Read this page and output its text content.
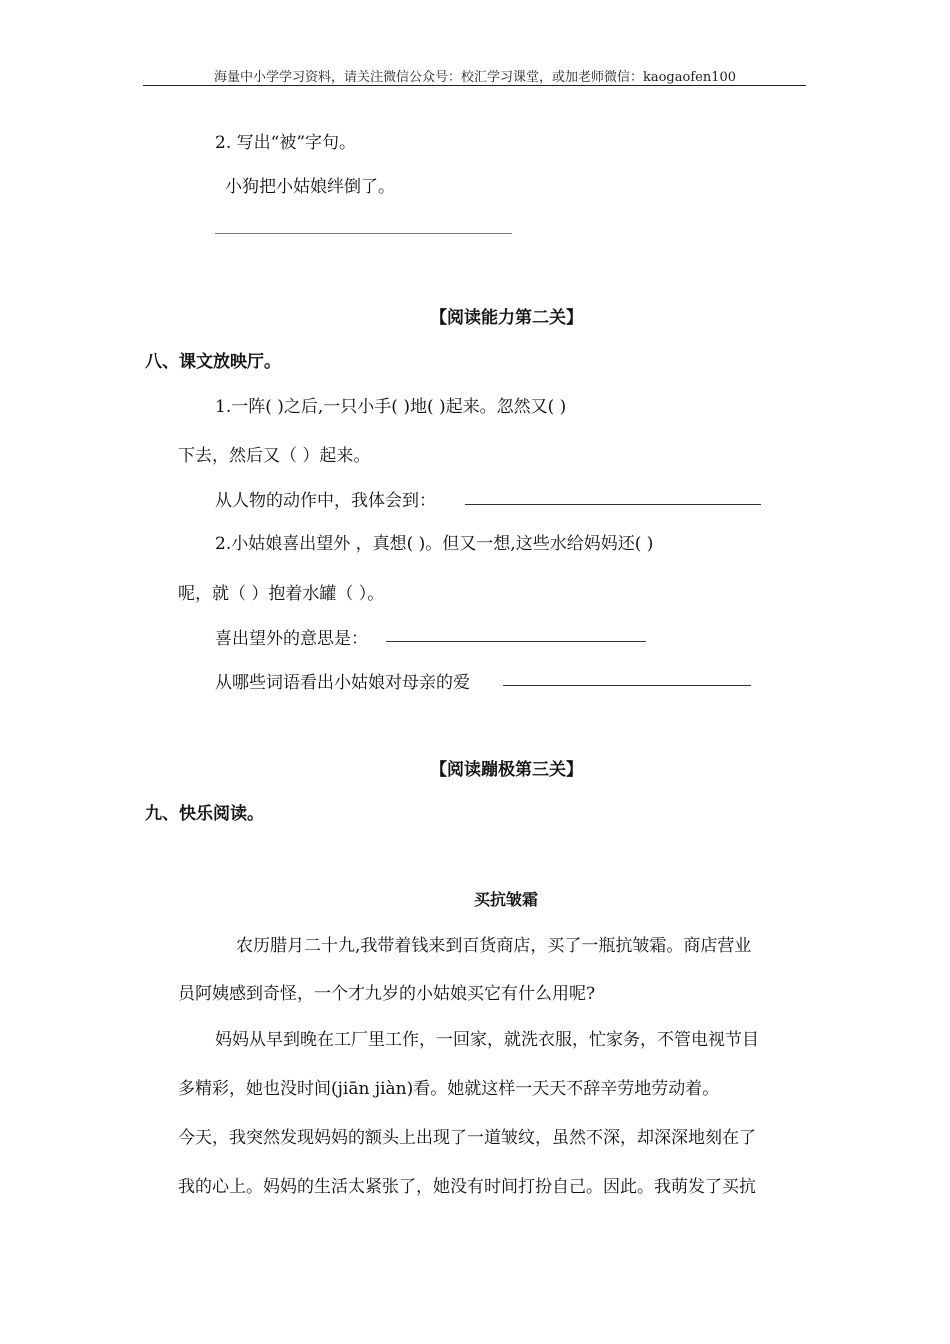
海量中小学学习资料，请关注微信公众号：校汇学习课堂，或加老师微信：kaogaofen100
2. 写出“被”字句。
小狗把小姑娘绊倒了。
【阅读能力第二关】
八、课文放映厅。
1.一阵( )之后,一只小手( )地( )起来。忽然又( )
下去，然后又（ ）起来。
从人物的动作中，我体会到：
2.小姑娘喜出望外 ，真想( )。但又一想,这些水给妈妈还( )
呢，就（ ）抱着水罐（ ）。
喜出望外的意思是：
从哪些词语看出小姑娘对母亲的爱
【阅读蹦极第三关】
九、快乐阅读。
买抗皱霜
农历腊月二十九,我带着钱来到百货商店，买了一瓶抗皱霜。商店营业
员阿姨感到奇怪，一个才九岁的小姑娘买它有什么用呢?
妈妈从早到晚在工厂里工作，一回家，就洗衣服，忙家务，不管电视节目
多精彩，她也没时间(jiān jiàn)看。她就这样一天天不辞辛劳地劳动着。
今天，我突然发现妈妈的额头上出现了一道皱纹，虽然不深，却深深地刻在了
我的心上。妈妈的生活太紧张了，她没有时间打扮自己。因此。我萌发了买抗
